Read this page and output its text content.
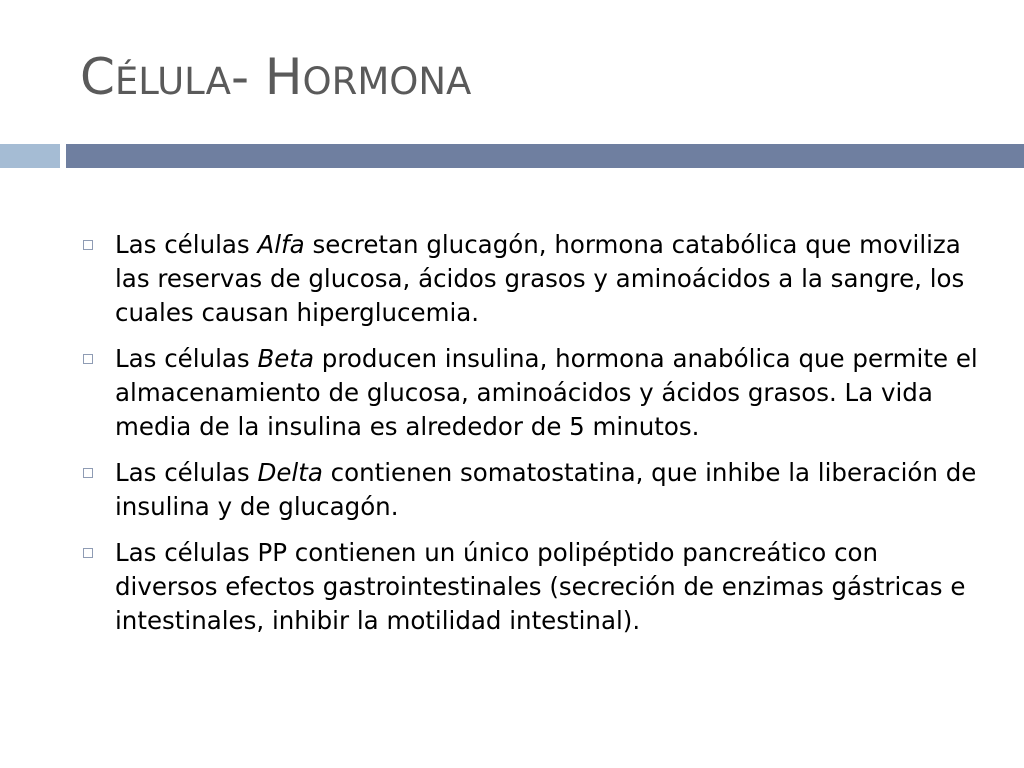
CÉLULA- HORMONA
Las células Alfa secretan glucagón, hormona catabólica que moviliza las reservas de glucosa, ácidos grasos y aminoácidos a la sangre, los cuales causan hiperglucemia.
Las células Beta producen insulina, hormona anabólica que permite el almacenamiento de glucosa, aminoácidos y ácidos grasos. La vida media de la insulina es alrededor de 5 minutos.
Las células Delta contienen somatostatina, que inhibe la liberación de insulina y de glucagón.
Las células PP contienen un único polipéptido pancreático con diversos efectos gastrointestinales (secreción de enzimas gástricas e intestinales, inhibir la motilidad intestinal).
